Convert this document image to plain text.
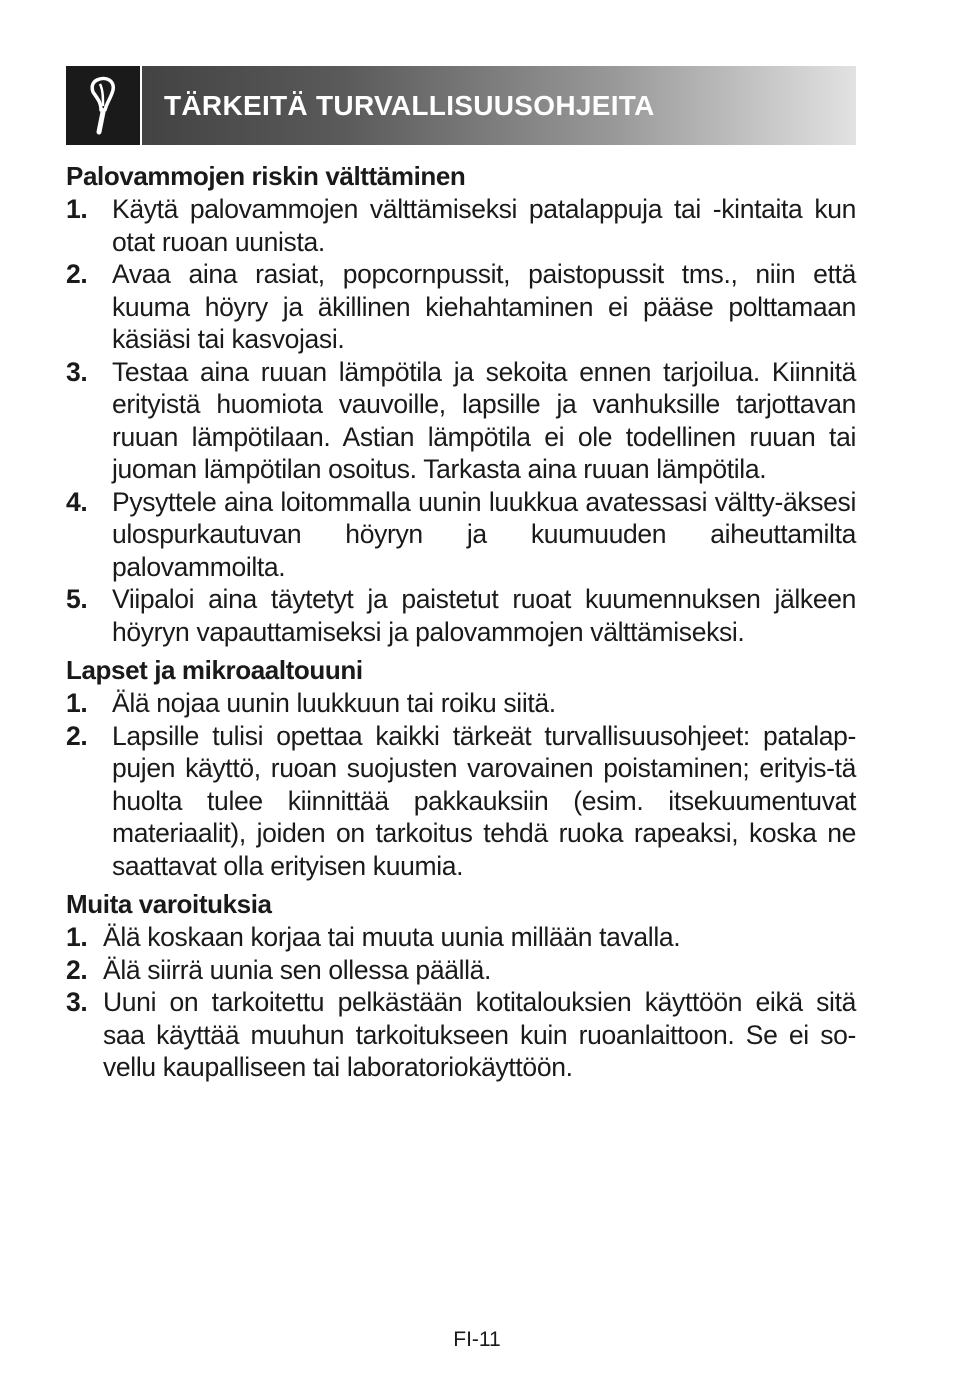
TÄRKEITÄ TURVALLISUUSOHJEITA
Palovammojen riskin välttäminen
1. Käytä palovammojen välttämiseksi patalappuja tai -kintaita kun otat ruoan uunista.
2. Avaa aina rasiat, popcornpussit, paistopussit tms., niin että kuuma höyry ja äkillinen kiehahtaminen ei pääse polttamaan käsiäsi tai kasvojasi.
3. Testaa aina ruuan lämpötila ja sekoita ennen tarjoilua. Kiinnitä erityistä huomiota vauvoille, lapsille ja vanhuksille tarjottavan ruuan lämpötilaan. Astian lämpötila ei ole todellinen ruuan tai juoman lämpötilan osoitus. Tarkasta aina ruuan lämpötila.
4. Pysyttele aina loitommalla uunin luukkua avatessasi vältty-äksesi ulospurkautuvan höyryn ja kuumuuden aiheuttamilta palovammoilta.
5. Viipaloi aina täytetyt ja paistetut ruoat kuumennuksen jälkeen höyryn vapauttamiseksi ja palovammojen välttämiseksi.
Lapset ja mikroaaltouuni
1. Älä nojaa uunin luukkuun tai roiku siitä.
2. Lapsille tulisi opettaa kaikki tärkeät turvallisuusohjeet: patalap-pujen käyttö, ruoan suojusten varovainen poistaminen; erityis-tä huolta tulee kiinnittää pakkauksiin (esim. itsekuumentuvat materiaalit), joiden on tarkoitus tehdä ruoka rapeaksi, koska ne saattavat olla erityisen kuumia.
Muita varoituksia
1. Älä koskaan korjaa tai muuta uunia millään tavalla.
2. Älä siirrä uunia sen ollessa päällä.
3. Uuni on tarkoitettu pelkästään kotitalouksien käyttöön eikä sitä saa käyttää muuhun tarkoitukseen kuin ruoanlaittoon. Se ei so-vellu kaupalliseen tai laboratoriokäyttöön.
FI-11
